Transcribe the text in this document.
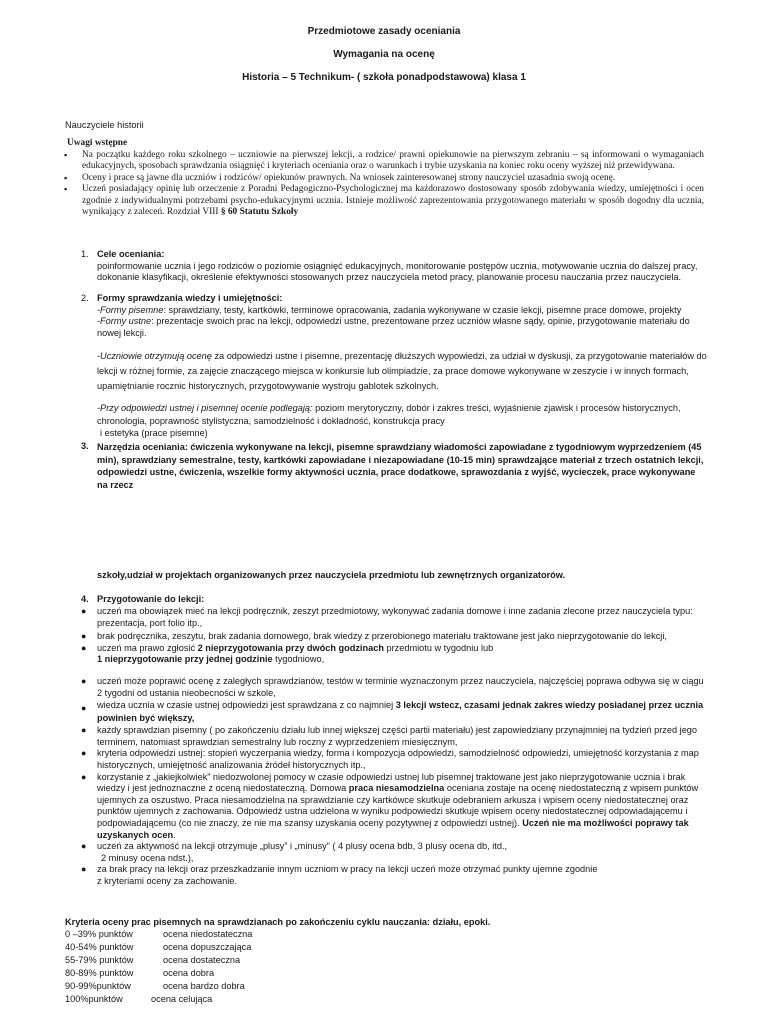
Przedmiotowe zasady oceniania
Wymagania na ocenę
Historia – 5 Technikum- ( szkoła ponadpodstawowa) klasa 1
Nauczyciele historii
Uwagi wstępne
▪ Na początku każdego roku szkolnego – uczniowie na pierwszej lekcji, a rodzice/ prawni opiekunowie na pierwszym zebraniu – są informowani o wymaganiach edukacyjnych, sposobach sprawdzania osiągnięć i kryteriach oceniania oraz o warunkach i trybie uzyskania na koniec roku oceny wyższej niż przewidywana.
▪ Oceny i prace są jawne dla uczniów i rodziców/ opiekunów prawnych. Na wniosek zainteresowanej strony nauczyciel uzasadnia swoją ocenę.
▪ Uczeń posiadający opinię lub orzeczenie z Poradni Pedagogiczno-Psychologicznej ma każdorazowo dostosowany sposób zdobywania wiedzy, umiejętności i ocen zgodnie z indywidualnymi potrzebami psycho-edukacyjnymi ucznia. Istnieje możliwość zaprezentowania przygotowanego materiału w sposób dogodny dla ucznia, wynikający z zaleceń. Rozdział VIII § 60 Statutu Szkoły
1. Cele oceniania:
poinformowanie ucznia i jego rodziców o poziomie osiągnięć edukacyjnych, monitorowanie postępów ucznia, motywowanie ucznia do dalszej pracy, dokonanie klasyfikacji, określenie efektywności stosowanych przez nauczyciela metod pracy, planowanie procesu nauczania przez nauczyciela.
2. Formy sprawdzania wiedzy i umiejętności:
-Formy pisemne: sprawdziany, testy, kartkówki, terminowe opracowania, zadania wykonywane w czasie lekcji, pisemne prace domowe, projekty
-Formy ustne: prezentacje swoich prac na lekcji, odpowiedzi ustne, prezentowane przez uczniów własne sądy, opinie, przygotowanie materiału do nowej lekcji.
-Uczniowie otrzymują ocenę za odpowiedzi ustne i pisemne, prezentację dłuższych wypowiedzi, za udział w dyskusji, za przygotowanie materiałów do lekcji w różnej formie, za zajęcie znaczącego miejsca w konkursie lub olimpiadzie, za prace domowe wykonywane w zeszycie i w innych formach, upamiętnianie rocznic historycznych, przygotowywanie wystroju gablotek szkolnych.
-Przy odpowiedzi ustnej i pisemnej ocenie podlegają: poziom merytoryczny, dobór i zakres treści, wyjaśnienie zjawisk i procesów historycznych, chronologia, poprawność stylistyczna, samodzielność i dokładność, konstrukcja pracy
i estetyka (prace pisemne)
3. Narzędzia oceniania: ćwiczenia wykonywane na lekcji, pisemne sprawdziany wiadomości zapowiadane z tygodniowym wyprzedzeniem (45 min), sprawdziany semestralne, testy, kartkówki zapowiadane i niezapowiadane (10-15 min) sprawdzające materiał z trzech ostatnich lekcji, odpowiedzi ustne, ćwiczenia, wszelkie formy aktywności ucznia, prace dodatkowe, sprawozdania z wyjść, wycieczek, prace wykonywane na rzecz
szkoły,udział w projektach organizowanych przez nauczyciela przedmiotu lub zewnętrznych organizatorów.
4. Przygotowanie do lekcji:
● uczeń ma obowiązek mieć na lekcji podręcznik, zeszyt przedmiotowy, wykonywać zadania domowe i inne zadania zlecone przez nauczyciela typu: prezentacja, port folio itp.,
● brak podręcznika, zeszytu, brak zadania domowego, brak wiedzy z przerobionego materiału traktowane jest jako nieprzygotowanie do lekcji,
● uczeń ma prawo zgłosić 2 nieprzygotowania przy dwóch godzinach przedmiotu w tygodniu lub
1 nieprzygotowanie przy jednej godzinie tygodniowo,
● uczeń może poprawić ocenę z zaległych sprawdzianów, testów w terminie wyznaczonym przez nauczyciela, najczęściej poprawa odbywa się w ciągu 2 tygodni od ustania nieobecności w szkole,
● wiedza ucznia w czasie ustnej odpowiedzi jest sprawdzana z co najmniej 3 lekcji wstecz, czasami jednak zakres wiedzy posiadanej przez ucznia powinien być większy,
● każdy sprawdzian pisemny ( po zakończeniu działu lub innej większej części partii materiału) jest zapowiedziany przynajmniej na tydzień przed jego terminem, natomiast sprawdzian semestralny lub roczny z wyprzedzeniem miesięcznym,
● kryteria odpowiedzi ustnej: stopień wyczerpania wiedzy, forma i kompozycja odpowiedzi, samodzielność odpowiedzi, umiejętność korzystania z map historycznych, umiejętność analizowania źródeł historycznych itp.,
● korzystanie z „jakiejkolwiek” niedozwolonej pomocy w czasie odpowiedzi ustnej lub pisemnej traktowane jest jako nieprzygotowanie ucznia i brak wiedzy i jest jednoznaczne z oceną niedostateczną. Domowa praca niesamodzielna oceniana zostaje na ocenę niedostateczną z wpisem punktów ujemnych za oszustwo. Praca niesamodzielna na sprawdzianie czy kartkówce skutkuje odebraniem arkusza i wpisem oceny niedostatecznej oraz punktów ujemnych z zachowania. Odpowiedź ustna udzielona w wyniku podpowiedzi skutkuje wpisem oceny niedostatecznej odpowiadającemu i podpowiadającemu (co nie znaczy, że nie ma szansy uzyskania oceny pozytywnej z odpowiedzi ustnej). Uczeń nie ma możliwości poprawy tak uzyskanych ocen.
● uczeń za aktywność na lekcji otrzymuje „plusy” i „minusy” ( 4 plusy ocena bdb, 3 plusy ocena db, itd.,
2 minusy ocena ndst.),
● za brak pracy na lekcji oraz przeszkadzanie innym uczniom w pracy na lekcji uczeń może otrzymać punkty ujemne zgodnie
z kryteriami oceny za zachowanie.
Kryteria oceny prac pisemnych na sprawdzianach po zakończeniu cyklu nauczania: działu, epoki.
0 –39% punktów	ocena niedostateczna
40-54% punktów	ocena dopuszczająca
55-79% punktów	ocena dostateczna
80-89% punktów	ocena dobra
90-99%punktów	ocena bardzo dobra
100%punktów	ocena celująca
